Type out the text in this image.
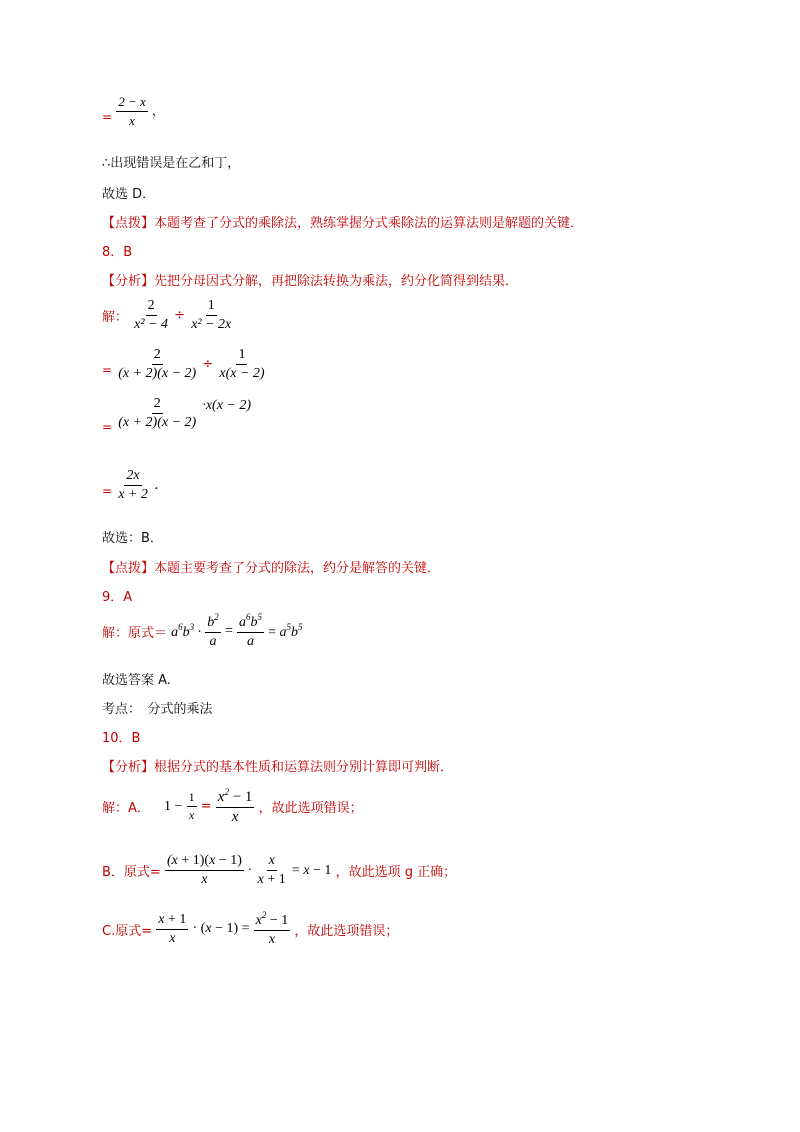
= $\frac{2 - x}{x}$ ，
∴出现错误是在乙和丁，
故选 D．
【点拨】本题考查了分式的乘除法，熟练掌握分式乘除法的运算法则是解题的关键．
8．B
【分析】先把分母因式分解，再把除法转换为乘法，约分化简得到结果．
解： $\frac{2}{\text{x² − 4}} \div \frac{1}{\text{x² − 2x}}$
= $\frac{2}{(x + 2)(x - 2)} \div \frac{1}{x(x - 2)}$
= $\frac{2}{(x + 2)(x - 2)} \cdot x(x - 2)$
= $\frac{2x}{x + 2}$ ．
故选：B．
【点拨】本题主要考查了分式的除法，约分是解答的关键．
9．A
解：原式＝ $a^6b^3 \cdot \frac{b^2}{a} = \frac{a^6b^5}{a} = a^5b^5$
故选答案 A.
考点：　分式的乘法
10．B
【分析】根据分式的基本性质和运算法则分别计算即可判断．
解：A． $1 - \frac{1}{x} = \frac{x^2 - 1}{x}$ ，故此选项错误；
B．原式= $\frac{(x + 1)(x - 1)}{x} \cdot \frac{x}{x + 1} = x - 1$ ，故此选项 g 正确；
C.原式= $\frac{x + 1}{x} \cdot (x - 1) = \frac{x^2 - 1}{x}$ ，故此选项错误；
